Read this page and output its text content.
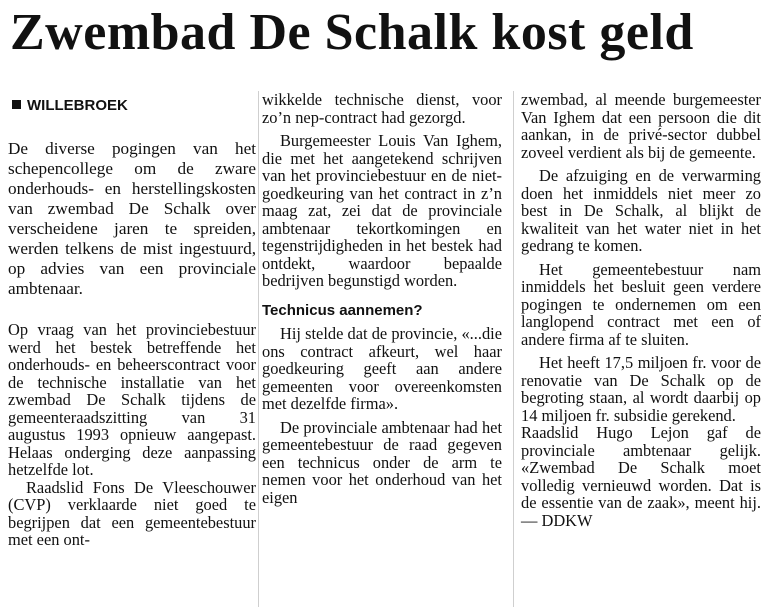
Zwembad De Schalk kost geld
WILLEBROEK

De diverse pogingen van het schepencollege om de zware onderhouds- en herstellingskosten van zwembad De Schalk over verscheidene jaren te spreiden, werden telkens de mist ingestuurd, op advies van een provinciale ambtenaar.

Op vraag van het provinciebestuur werd het bestek betreffende het onderhouds- en beheerscontract voor de technische installatie van het zwembad De Schalk tijdens de gemeenteraadszitting van 31 augustus 1993 opnieuw aangepast. Helaas onderging deze aanpassing hetzelfde lot.

Raadslid Fons De Vleeschouwer (CVP) verklaarde niet goed te begrijpen dat een gemeentebestuur met een ont-

wikkelde technische dienst, voor zo’n nep-contract had gezorgd.

Burgemeester Louis Van Ighem, die met het aangetekend schrijven van het provinciebestuur en de niet-goedkeuring van het contract in z’n maag zat, zei dat de provinciale ambtenaar tekortkomingen en tegenstrijdigheden in het bestek had ontdekt, waardoor bepaalde bedrijven begunstigd worden.

Technicus aannemen?

Hij stelde dat de provincie, «...die ons contract afkeurt, wel haar goedkeuring geeft aan andere gemeenten voor overeenkomsten met dezelfde firma».

De provinciale ambtenaar had het gemeentebestuur de raad gegeven een technicus onder de arm te nemen voor het onderhoud van het eigen

zwembad, al meende burgemeester Van Ighem dat een persoon die dit aankan, in de privé-sector dubbel zoveel verdient als bij de gemeente.

De afzuiging en de verwarming doen het inmiddels niet meer zo best in De Schalk, al blijkt de kwaliteit van het water niet in het gedrang te komen.

Het gemeentebestuur nam inmiddels het besluit geen verdere pogingen te ondernemen om een langlopend contract met een of andere firma af te sluiten.

Het heeft 17,5 miljoen fr. voor de renovatie van De Schalk op de begroting staan, al wordt daarbij op 14 miljoen fr. subsidie gerekend.

Raadslid Hugo Lejon gaf de provinciale ambtenaar gelijk. «Zwembad De Schalk moet volledig vernieuwd worden. Dat is de essentie van de zaak», meent hij. — DDKW
